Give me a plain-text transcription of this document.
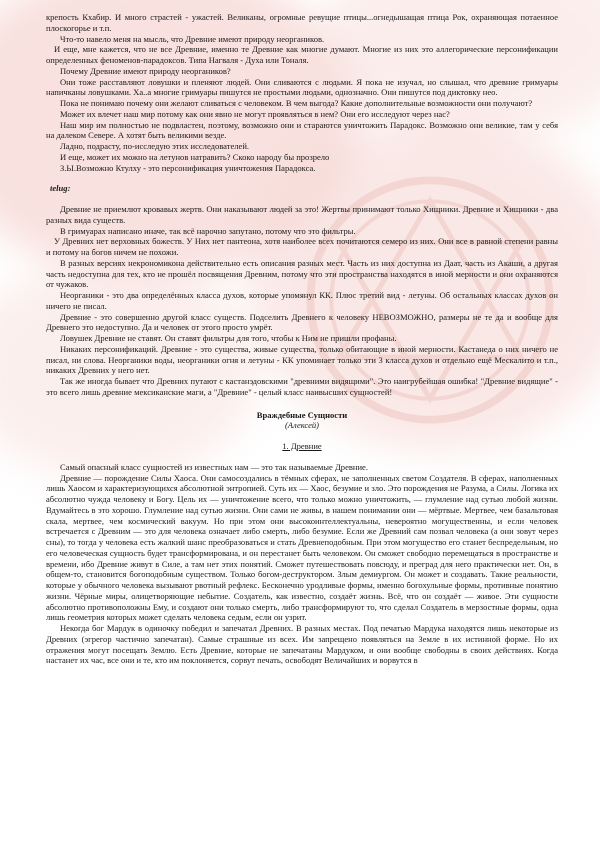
крепость Кхабир. И много страстей - ужастей. Великаны, огромные ревущие птицы...огнедышащая птица Рок, охраняющая потаенное плоскогорье и т.п.

Что-то навело меня на мысль, что Древние имеют природу неоргаников.

И еще, мне кажется, что не все Древние, именно те Древние как многие думают. Многие из них это аллегорические персонификации определенных феноменов-парадоксов. Типа Нагваля - Духа или Тоналя.

Почему Древние имеют природу неоргаников?

Они тоже расставляют ловушки и пленяют людей. Они сливаются с людьми. Я пока не изучал, но слышал, что древние гримуары напичканы ловушками. Ха..а многие гримуары пишутся не простыми людьми, однозначно. Они пишутся под диктовку нео.

Пока не понимаю почему они желают сливаться с человеком. В чем выгода? Какие дополнительные возможности они получают?

Может их влечет наш мир потому как они явно не могут проявляться в нем? Они его исследуют через нас?

Наш мир им полностью не подвластен, поэтому, возможно они и стараются уничтожить Парадокс. Возможно они великие, там у себя на далеком Севере. А хотят быть великими везде.

Ладно, подрасту, по-исследую этих исследователей.

И еще, может их можно на летунов натравить? Скоко народу бы прозрело

З.Ы.Возможно Ктулху - это персонификация уничтожения Парадокса.

telug:

Древние не приемлют кровавых жертв. Они наказывают людей за это! Жертвы принимают только Хищники. Древние и Хищники - два разных вида существ.

В гримуарах написано иначе, так всё нарочно запутано, потому что это фильтры.

У Древних нет верховных божеств. У Них нет пантеона, хотя наиболее всех почитаются семеро из них. Они все в равной степени равны и потому на богов ничем не похожи.

В разных версиях некрономикона действительно есть описания разных мест. Часть из них доступна из Даат, часть из Акаши, а другая часть недоступна для тех, кто не прошёл посвящения Древним, потому что эти пространства находятся в иной мерности и они охраняются от чужаков.

Неорганики - это два определённых класса духов, которые упомянул КК. Плюс третий вид - летуны. Об остальных классах духов он ничего не писал.

Древние - это совершенно другой класс существ. Подселить Древнего к человеку НЕВОЗМОЖНО, размеры не те да и вообще для Древнего это недоступно. Да и человек от этого просто умрёт.

Ловушек Древние не ставят. Он ставят фильтры для того, чтобы к Ним не пришли профаны.

Никаких персонификаций. Древние - это существа, живые существа, только обитающие в иной мерности. Кастанеда о них ничего не писал, ни слова. Неорганики воды, неорганики огня и летуны - КК упоминает только эти 3 класса духов и отдельно ещё Мескалито и т.п., никаких Древних у него нет.

Так же иногда бывает что Древних путают с кастанэдовскими "древними видящими". Это наигрубейшая ошибка! "Древние видящие" - это всего лишь древние мексиканские маги, а "Древние" - целый класс наивысших сущностей!

Враждебные Сущности

(Алексей)

1. Древние

Самый опасный класс сущностей из известных нам — это так называемые Древние.

Древние — порождение Силы Хаоса. Они самосоздались в тёмных сферах, не заполненных светом Создателя. В сферах, наполненных лишь Хаосом и характеризующихся абсолютной энтропией. Суть их — Хаос, безумие и зло. Это порождения не Разума, а Силы. Логика их абсолютно чужда человеку и Богу. Цель их — уничтожение всего, что только можно уничтожить, — глумление над сутью любой жизни. Вдумайтесь в это хорошо. Глумление над сутью жизни. Они сами не живы, в нашем понимании они — мёртвые. Мертвее, чем базальтовая скала, мертвее, чем космический вакуум. Но при этом они высокоинтеллектуальны, невероятно могущественны, и если человек встречается с Древним — это для человека означает либо смерть, либо безумие. Если же Древний сам позвал человека (а они зовут через сны), то тогда у человека есть жалкий шанс преобразоваться и стать Древнеподобным. При этом могущество его станет беспредельным, но его человеческая сущность будет трансформирована, и он перестанет быть человеком. Он сможет свободно перемещаться в пространстве и времени, ибо Древние живут в Силе, а там нет этих понятий. Сможет путешествовать повсюду, и преград для него практически нет. Он, в общем-то, становится богоподобным существом. Только богом-деструктором. Злым демиургом. Он может и создавать. Такие реальности, которые у обычного человека вызывают рвотный рефлекс. Бесконечно уродливые формы, именно богохульные формы, противные понятию жизни. Чёрные миры, олицетворяющие небытие. Создатель, как известно, создаёт жизнь. Всё, что он создаёт — живое. Эти сущности абсолютно противоположны Ему, и создают они только смерть, либо трансформируют то, что сделал Создатель в мерзостные формы, одна лишь геометрия которых может сделать человека седым, если он узрит.

Некогда бог Мардук в одиночку победил и запечатал Древних. В разных местах. Под печатью Мардука находятся лишь некоторые из Древних (эгрегор частично запечатан). Самые страшные из всех. Им запрещено появляться на Земле в их истинной форме. Но их отражения могут посещать Землю. Есть Древние, которые не запечатаны Мардуком, и они вообще свободны в своих действиях. Когда настанет их час, все они и те, кто им поклоняется, сорвут печать, освободят Величайших и ворвутся в
